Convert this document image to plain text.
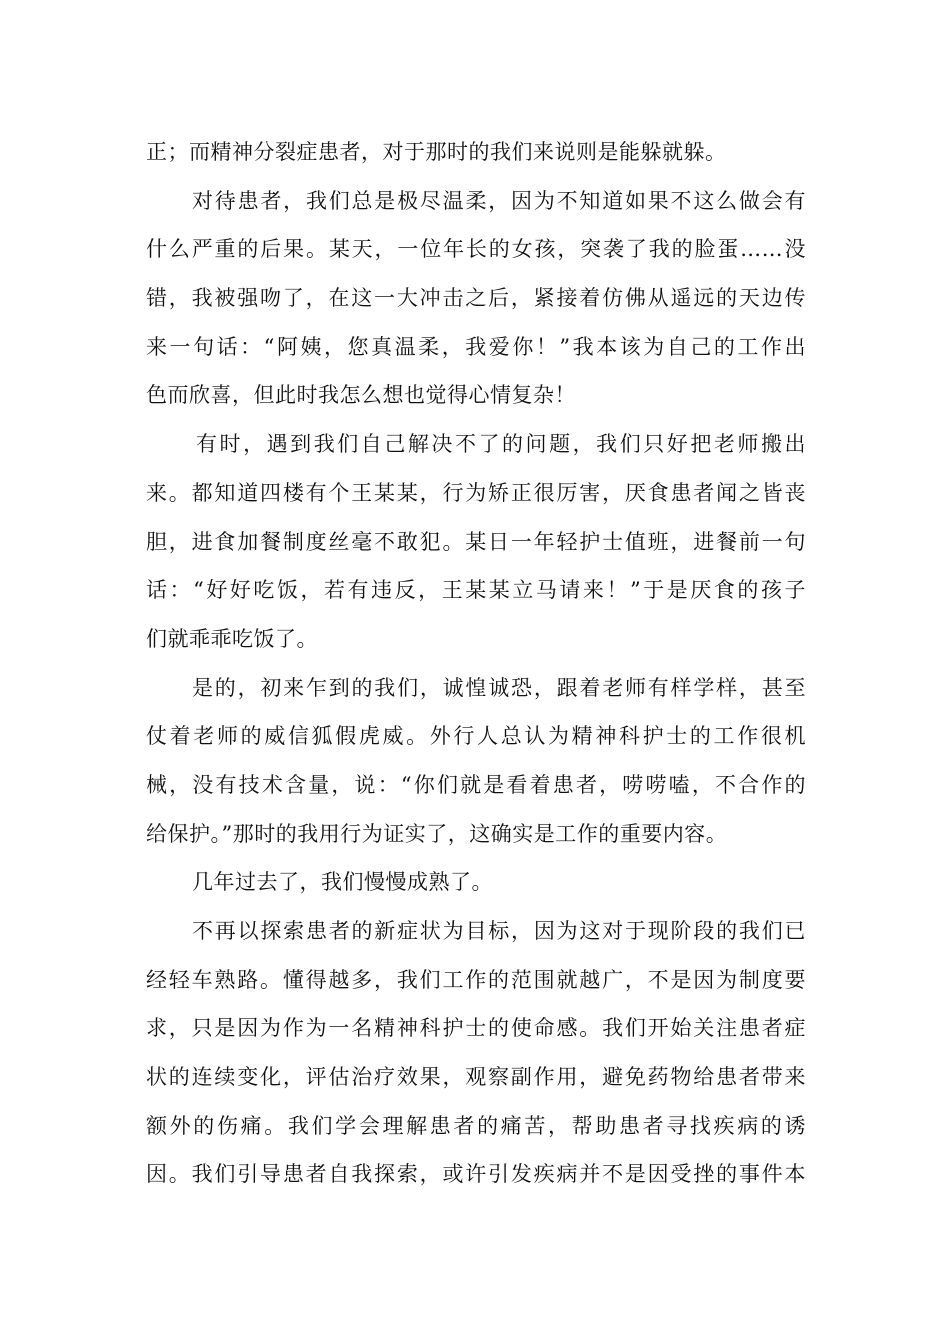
正；而精神分裂症患者，对于那时的我们来说则是能躲就躲。
对待患者，我们总是极尽温柔，因为不知道如果不这么做会有
什么严重的后果。某天，一位年长的女孩，突袭了我的脸蛋……没
错，我被强吻了，在这一大冲击之后，紧接着仿佛从遥远的天边传
来一句话：“阿姨，您真温柔，我爱你！”我本该为自己的工作出
色而欣喜，但此时我怎么想也觉得心情复杂！
有时，遇到我们自己解决不了的问题，我们只好把老师搬出
来。都知道四楼有个王某某，行为矫正很厉害，厌食患者闻之皆丧
胆，进食加餐制度丝毫不敢犯。某日一年轻护士值班，进餐前一句
话：“好好吃饭，若有违反，王某某立马请来！”于是厌食的孩子
们就乖乖吃饭了。
是的，初来乍到的我们，诚惶诚恐，跟着老师有样学样，甚至
仗着老师的威信狐假虎威。外行人总认为精神科护士的工作很机
械，没有技术含量，说：“你们就是看着患者，唠唠嗑，不合作的
给保护。”那时的我用行为证实了，这确实是工作的重要内容。
几年过去了，我们慢慢成熟了。
不再以探索患者的新症状为目标，因为这对于现阶段的我们已
经轻车熟路。懂得越多，我们工作的范围就越广，不是因为制度要
求，只是因为作为一名精神科护士的使命感。我们开始关注患者症
状的连续变化，评估治疗效果，观察副作用，避免药物给患者带来
额外的伤痛。我们学会理解患者的痛苦，帮助患者寻找疾病的诱
因。我们引导患者自我探索，或许引发疾病并不是因受挫的事件本
